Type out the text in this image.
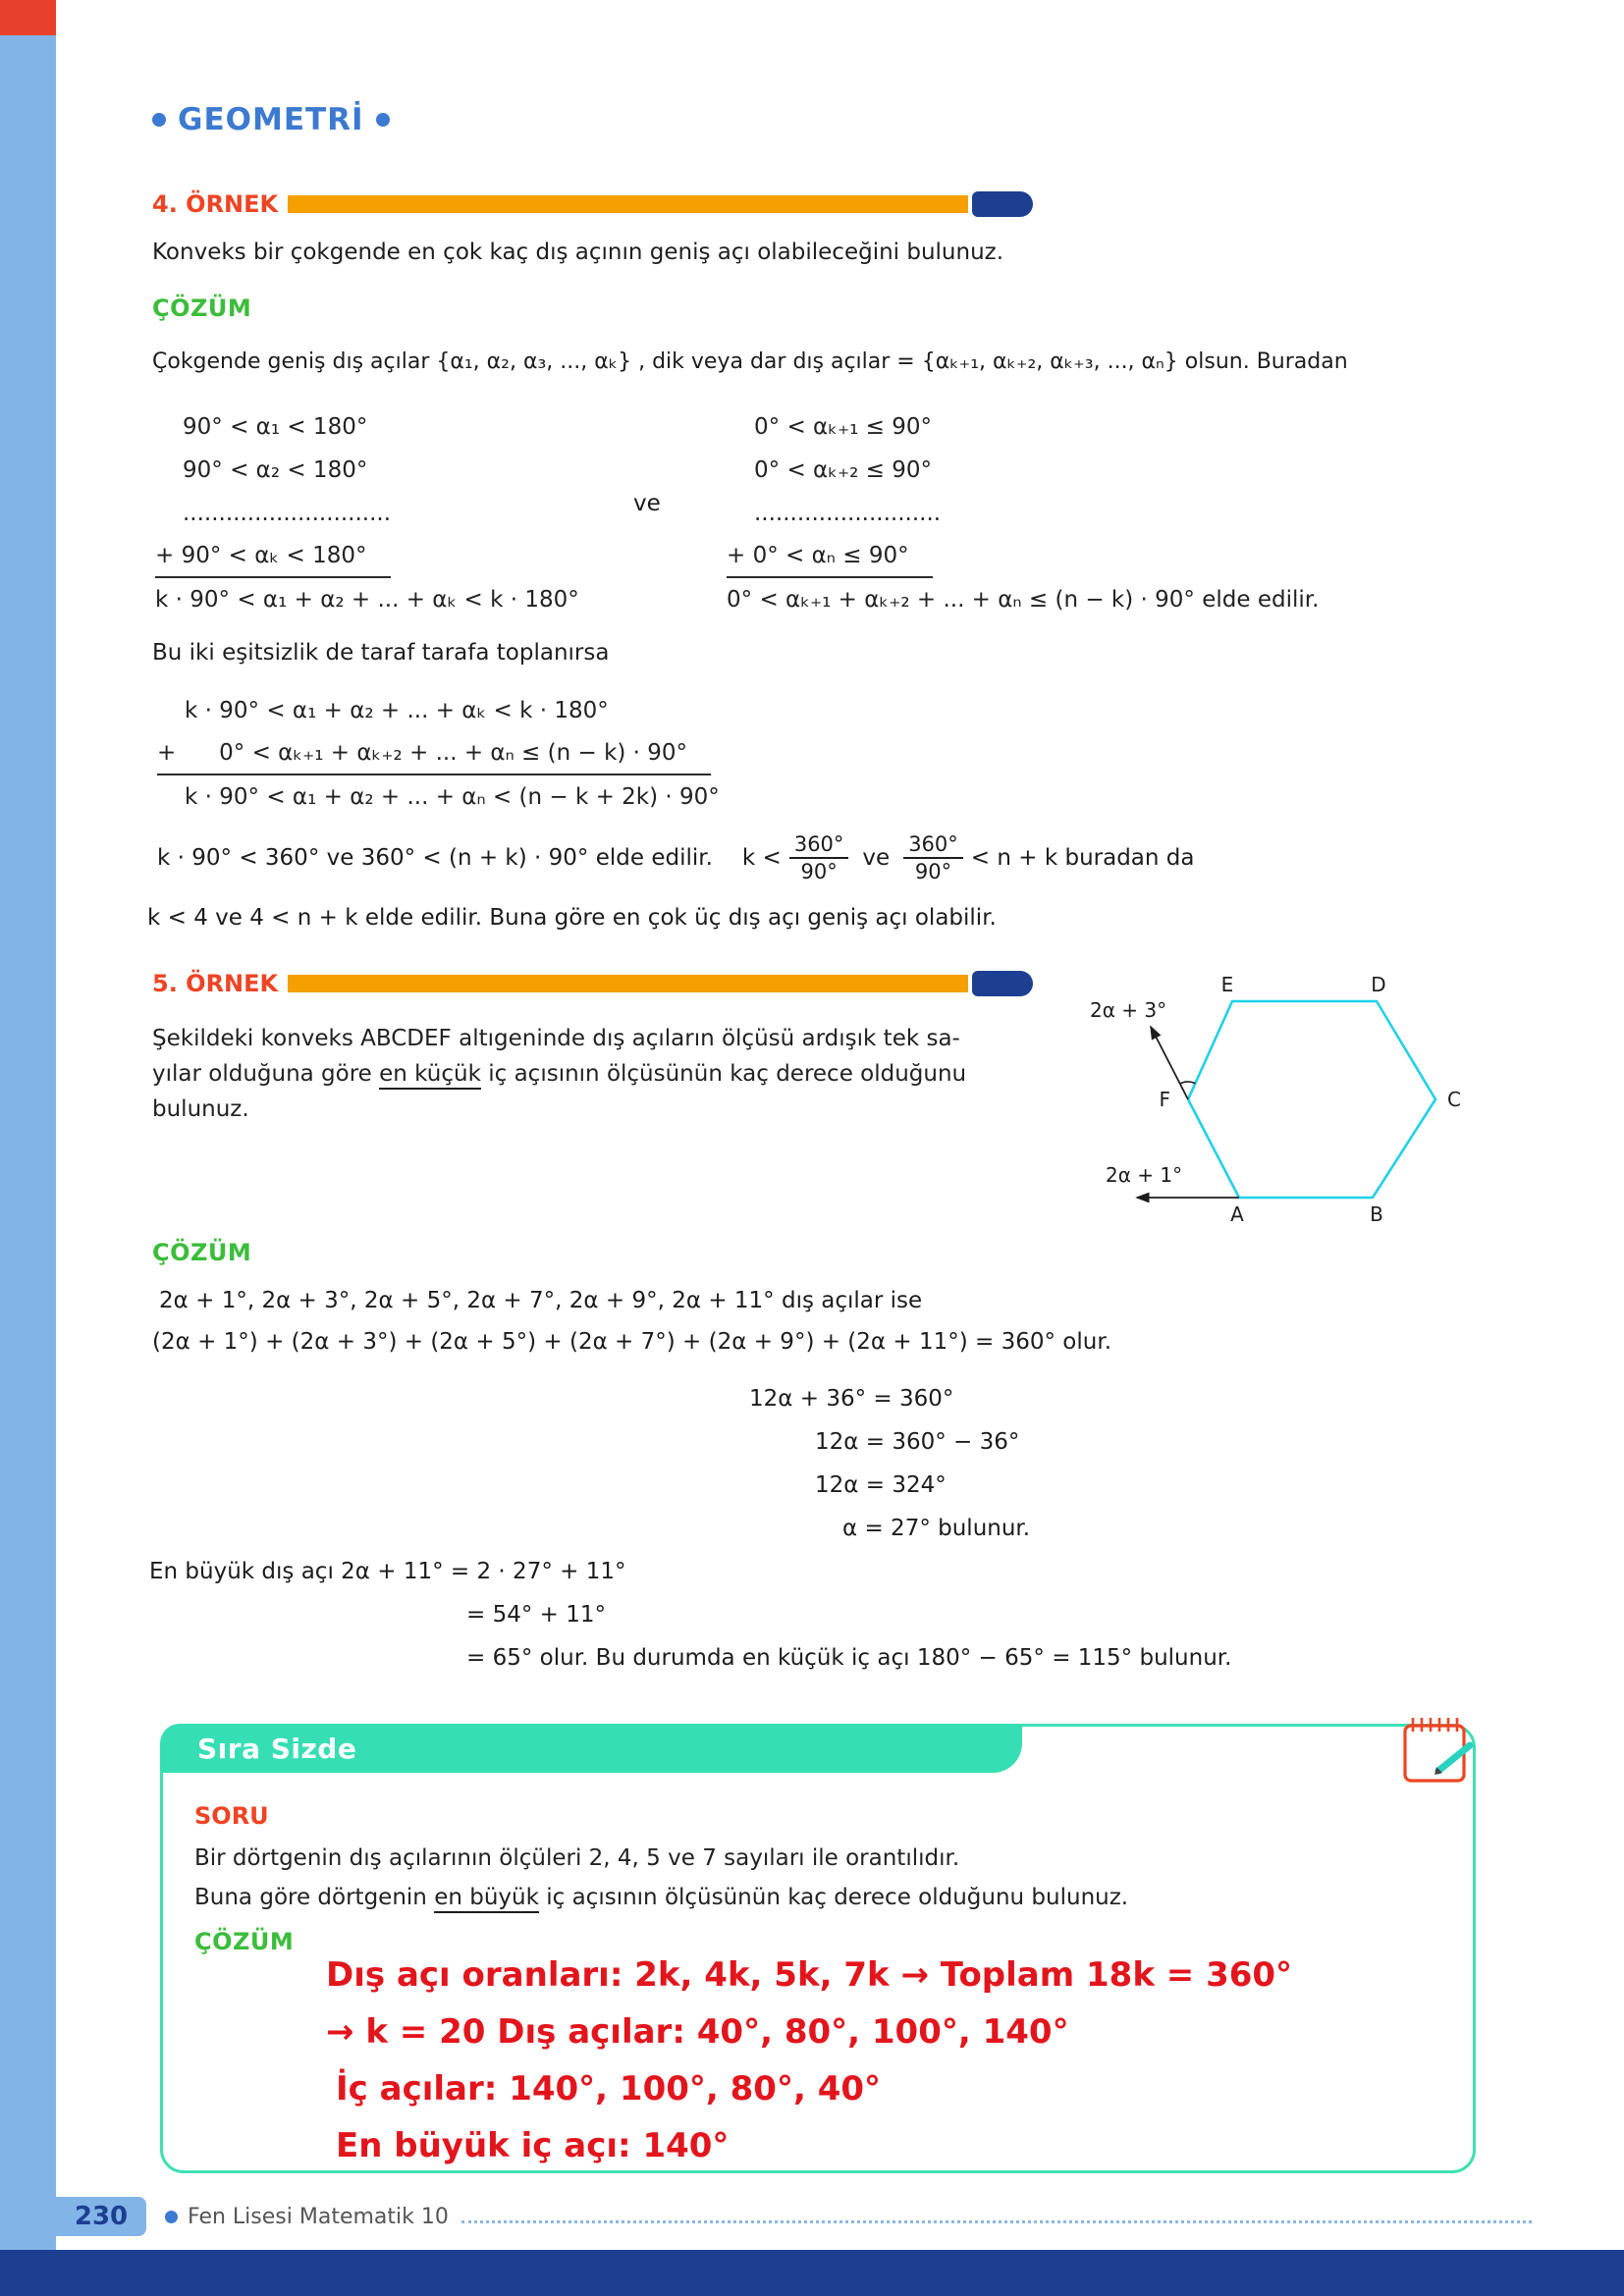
GEOMETRİ
4. ÖRNEK
Konveks bir çokgende en çok kaç dış açının geniş açı olabileceğini bulunuz.
ÇÖZÜM
Çokgende geniş dış açılar {α₁, α₂, α₃, ..., αₖ} , dik veya dar dış açılar = {αₖ₊₁, αₖ₊₂, αₖ₊₃, ..., αₙ} olsun. Buradan
90° < α₁ < 180°
90° < α₂ < 180°
.............................
+ 90° < αₖ < 180°
k · 90° < α₁ + α₂ + ... + αₖ < k · 180°
ve
0° < αₖ₊₁ ≤ 90°
0° < αₖ₊₂ ≤ 90°
..........................
+ 0° < αₙ ≤ 90°
0° < αₖ₊₁ + αₖ₊₂ + ... + αₙ ≤ (n − k) · 90° elde edilir.
Bu iki eşitsizlik de taraf tarafa toplanırsa
k · 90° < α₁ + α₂ + ... + αₖ < k · 180°
+      0° < αₖ₊₁ + αₖ₊₂ + ... + αₙ ≤ (n − k) · 90°
k · 90° < α₁ + α₂ + ... + αₙ < (n − k + 2k) · 90°
k · 90° < 360° ve 360° < (n + k) · 90° elde edilir. $k < \frac{360^\circ}{90^\circ}$ ve $\frac{360^\circ}{90^\circ} < n + k$ buradan da
k < 4 ve 4 < n + k elde edilir. Buna göre en çok üç dış açı geniş açı olabilir.
5. ÖRNEK
Şekildeki konveks ABCDEF altıgeninde dış açıların ölçüsü ardışık tek sa-
yılar olduğuna göre en küçük iç açısının ölçüsünün kaç derece olduğunu
bulunuz.
E	D
C
B
A
F
2α + 3°
2α + 1°
ÇÖZÜM
2α + 1°, 2α + 3°, 2α + 5°, 2α + 7°, 2α + 9°, 2α + 11° dış açılar ise
(2α + 1°) + (2α + 3°) + (2α + 5°) + (2α + 7°) + (2α + 9°) + (2α + 11°) = 360° olur.
12α + 36° = 360°
12α = 360° − 36°
12α = 324°
α = 27° bulunur.
En büyük dış açı 2α + 11° = 2 · 27° + 11°
= 54° + 11°
= 65° olur. Bu durumda en küçük iç açı 180° − 65° = 115° bulunur.
Sıra Sizde
SORU
Bir dörtgenin dış açılarının ölçüleri 2, 4, 5 ve 7 sayıları ile orantılıdır.
Buna göre dörtgenin en büyük iç açısının ölçüsünün kaç derece olduğunu bulunuz.
ÇÖZÜM
Dış açı oranları: 2k, 4k, 5k, 7k → Toplam 18k = 360°
→ k = 20 Dış açılar: 40°, 80°, 100°, 140°
İç açılar: 140°, 100°, 80°, 40°
En büyük iç açı: 140°
230	Fen Lisesi Matematik 10
